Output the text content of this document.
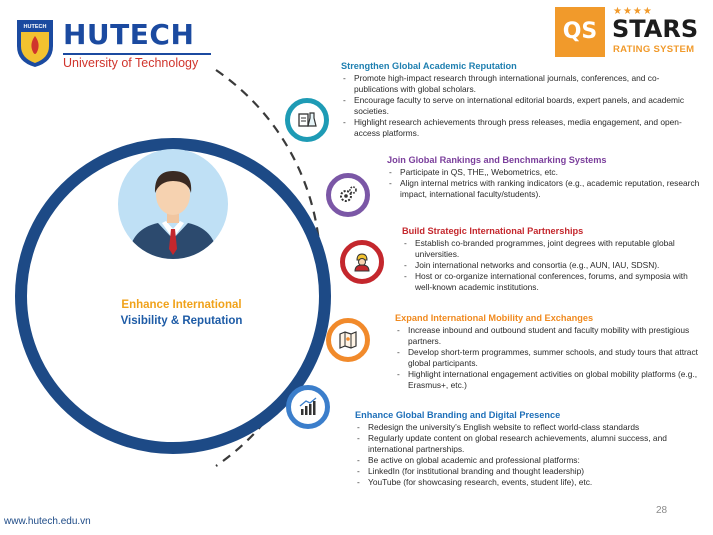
HUTECH HUTECH
University of Technology
QS
★★★★
STARS
RATING SYSTEM
Enhance International
Visibility & Reputation
Strengthen Global Academic Reputation
- Promote high-impact research through international journals, conferences, and co-publications with global scholars.
- Encourage faculty to serve on international editorial boards, expert panels, and academic societies.
- Highlight research achievements through press releases, media engagement, and open-access platforms.
Join Global Rankings and Benchmarking Systems
- Participate in QS, THE,, Webometrics, etc.
- Align internal metrics with ranking indicators (e.g., academic reputation, research impact, international faculty/students).
Build Strategic International Partnerships
- Establish co-branded programmes, joint degrees with reputable global universities.
- Join international networks and consortia (e.g., AUN, IAU, SDSN).
- Host or co-organize international conferences, forums, and symposia with well-known academic institutions.
Expand International Mobility and Exchanges
- Increase inbound and outbound student and faculty mobility with prestigious partners.
- Develop short-term programmes, summer schools, and study tours that attract global participants.
- Highlight international engagement activities on global mobility platforms (e.g., Erasmus+, etc.)
Enhance Global Branding and Digital Presence
- Redesign the university’s English website to reflect world-class standards
- Regularly update content on global research achievements, alumni success, and international partnerships.
- Be active on global academic and professional platforms:
- LinkedIn (for institutional branding and thought leadership)
- YouTube (for showcasing research, events, student life), etc.
28
www.hutech.edu.vn
